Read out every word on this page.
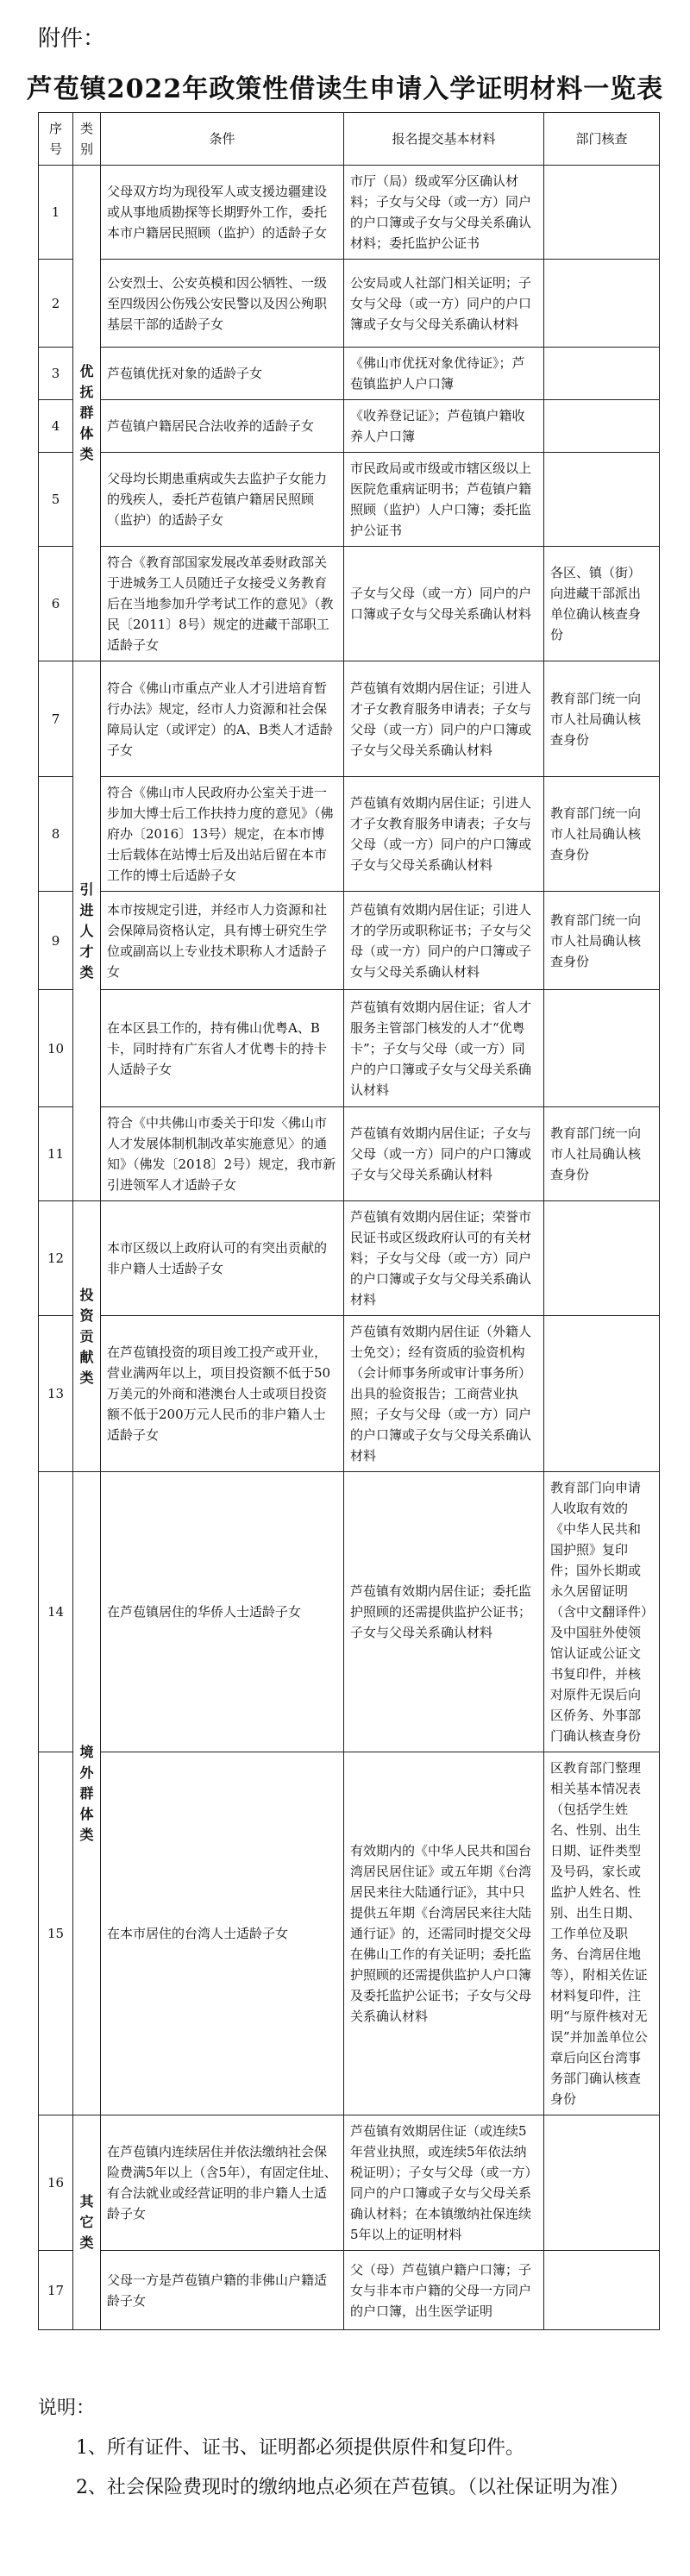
附件：
芦苞镇2022年政策性借读生申请入学证明材料一览表
序号	类别	条件	报名提交基本材料	部门核查
1	优抚群体类	父母双方均为现役军人或支援边疆建设或从事地质勘探等长期野外工作，委托本市户籍居民照顾（监护）的适龄子女	市厅（局）级或军分区确认材料；子女与父母（或一方）同户的户口簿或子女与父母关系确认材料；委托监护公证书	
2		公安烈士、公安英模和因公牺牲、一级至四级因公伤残公安民警以及因公殉职基层干部的适龄子女	公安局或人社部门相关证明；子女与父母（或一方）同户的户口簿或子女与父母关系确认材料	
3		芦苞镇优抚对象的适龄子女	《佛山市优抚对象优待证》；芦苞镇监护人户口簿	
4		芦苞镇户籍居民合法收养的适龄子女	《收养登记证》；芦苞镇户籍收养人户口簿	
5		父母均长期患重病或失去监护子女能力的残疾人，委托芦苞镇户籍居民照顾（监护）的适龄子女	市民政局或市级或市辖区级以上医院危重病证明书；芦苞镇户籍照顾（监护）人户口簿；委托监护公证书	
6		符合《教育部国家发展改革委财政部关于进城务工人员随迁子女接受义务教育后在当地参加升学考试工作的意见》（教民〔2011〕8号）规定的进藏干部职工适龄子女	子女与父母（或一方）同户的户口簿或子女与父母关系确认材料	各区、镇（街）向进藏干部派出单位确认核查身份
7	引进人才类	符合《佛山市重点产业人才引进培育暂行办法》规定，经市人力资源和社会保障局认定（或评定）的A、B类人才适龄子女	芦苞镇有效期内居住证；引进人才子女教育服务申请表；子女与父母（或一方）同户的户口簿或子女与父母关系确认材料	教育部门统一向市人社局确认核查身份
8		符合《佛山市人民政府办公室关于进一步加大博士后工作扶持力度的意见》（佛府办〔2016〕13号）规定，在本市博士后载体在站博士后及出站后留在本市工作的博士后适龄子女	芦苞镇有效期内居住证；引进人才子女教育服务申请表；子女与父母（或一方）同户的户口簿或子女与父母关系确认材料	教育部门统一向市人社局确认核查身份
9		本市按规定引进，并经市人力资源和社会保障局资格认定，具有博士研究生学位或副高以上专业技术职称人才适龄子女	芦苞镇有效期内居住证；引进人才的学历或职称证书；子女与父母（或一方）同户的户口簿或子女与父母关系确认材料	教育部门统一向市人社局确认核查身份
10		在本区县工作的，持有佛山优粤A、B卡，同时持有广东省人才优粤卡的持卡人适龄子女	芦苞镇有效期内居住证；省人才服务主管部门核发的人才“优粤卡”；子女与父母（或一方）同户的户口簿或子女与父母关系确认材料	
11		符合《中共佛山市委关于印发〈佛山市人才发展体制机制改革实施意见〉的通知》（佛发〔2018〕2号）规定，我市新引进领军人才适龄子女	芦苞镇有效期内居住证；子女与父母（或一方）同户的户口簿或子女与父母关系确认材料	教育部门统一向市人社局确认核查身份
12	投资贡献类	本市区级以上政府认可的有突出贡献的非户籍人士适龄子女	芦苞镇有效期内居住证；荣誉市民证书或区级政府认可的有关材料；子女与父母（或一方）同户的户口簿或子女与父母关系确认材料	
13		在芦苞镇投资的项目竣工投产或开业，营业满两年以上，项目投资额不低于50万美元的外商和港澳台人士或项目投资额不低于200万元人民币的非户籍人士适龄子女	芦苞镇有效期内居住证（外籍人士免交）；经有资质的验资机构（会计师事务所或审计事务所）出具的验资报告；工商营业执照；子女与父母（或一方）同户的户口簿或子女与父母关系确认材料	
14	境外群体类	在芦苞镇居住的华侨人士适龄子女	芦苞镇有效期内居住证；委托监护照顾的还需提供监护公证书；子女与父母关系确认材料	教育部门向申请人收取有效的《中华人民共和国护照》复印件；国外长期或永久居留证明（含中文翻译件）及中国驻外使领馆认证或公证文书复印件，并核对原件无误后向区侨务、外事部门确认核查身份
15		在本市居住的台湾人士适龄子女	有效期内的《中华人民共和国台湾居民居住证》或五年期《台湾居民来往大陆通行证》，其中只提供五年期《台湾居民来往大陆通行证》的，还需同时提交父母在佛山工作的有关证明；委托监护照顾的还需提供监护人户口簿及委托监护公证书；子女与父母关系确认材料	区教育部门整理相关基本情况表（包括学生姓名、性别、出生日期、证件类型及号码，家长或监护人姓名、性别、出生日期、工作单位及职务、台湾居住地等），附相关佐证材料复印件，注明“与原件核对无误”并加盖单位公章后向区台湾事务部门确认核查身份
16	其它类	在芦苞镇内连续居住并依法缴纳社会保险费满5年以上（含5年），有固定住址、有合法就业或经营证明的非户籍人士适龄子女	芦苞镇有效期居住证（或连续5年营业执照，或连续5年依法纳税证明）；子女与父母（或一方）同户的户口簿或子女与父母关系确认材料；在本镇缴纳社保连续5年以上的证明材料	
17		父母一方是芦苞镇户籍的非佛山户籍适龄子女	父（母）芦苞镇户籍户口簿；子女与非本市户籍的父母一方同户的户口簿，出生医学证明	

说明：

1、所有证件、证书、证明都必须提供原件和复印件。

2、社会保险费现时的缴纳地点必须在芦苞镇。（以社保证明为准）
